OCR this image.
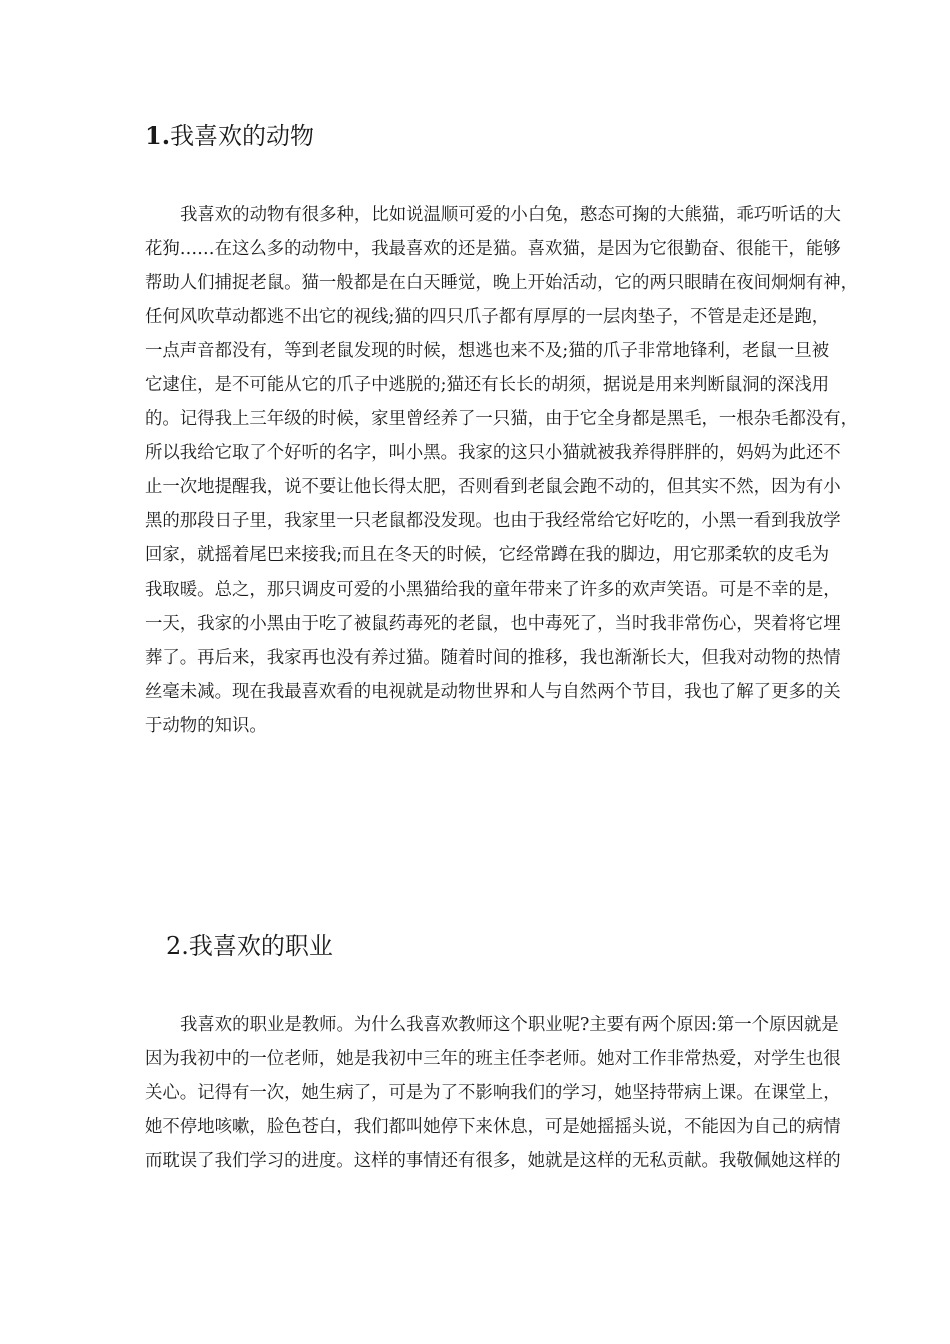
1.我喜欢的动物
我喜欢的动物有很多种，比如说温顺可爱的小白兔，憨态可掬的大熊猫，乖巧听话的大
花狗……在这么多的动物中，我最喜欢的还是猫。喜欢猫，是因为它很勤奋、很能干，能够
帮助人们捕捉老鼠。猫一般都是在白天睡觉，晚上开始活动，它的两只眼睛在夜间炯炯有神，
任何风吹草动都逃不出它的视线;猫的四只爪子都有厚厚的一层肉垫子，不管是走还是跑，
一点声音都没有，等到老鼠发现的时候，想逃也来不及;猫的爪子非常地锋利，老鼠一旦被
它逮住，是不可能从它的爪子中逃脱的;猫还有长长的胡须，据说是用来判断鼠洞的深浅用
的。记得我上三年级的时候，家里曾经养了一只猫，由于它全身都是黑毛，一根杂毛都没有，
所以我给它取了个好听的名字，叫小黑。我家的这只小猫就被我养得胖胖的，妈妈为此还不
止一次地提醒我，说不要让他长得太肥，否则看到老鼠会跑不动的，但其实不然，因为有小
黑的那段日子里，我家里一只老鼠都没发现。也由于我经常给它好吃的，小黑一看到我放学
回家，就摇着尾巴来接我;而且在冬天的时候，它经常蹲在我的脚边，用它那柔软的皮毛为
我取暖。总之，那只调皮可爱的小黑猫给我的童年带来了许多的欢声笑语。可是不幸的是，
一天，我家的小黑由于吃了被鼠药毒死的老鼠，也中毒死了，当时我非常伤心，哭着将它埋
葬了。再后来，我家再也没有养过猫。随着时间的推移，我也渐渐长大，但我对动物的热情
丝毫未减。现在我最喜欢看的电视就是动物世界和人与自然两个节目，我也了解了更多的关
于动物的知识。
2.我喜欢的职业
我喜欢的职业是教师。为什么我喜欢教师这个职业呢?主要有两个原因:第一个原因就是
因为我初中的一位老师，她是我初中三年的班主任李老师。她对工作非常热爱，对学生也很
关心。记得有一次，她生病了，可是为了不影响我们的学习，她坚持带病上课。在课堂上，
她不停地咳嗽，脸色苍白，我们都叫她停下来休息，可是她摇摇头说，不能因为自己的病情
而耽误了我们学习的进度。这样的事情还有很多，她就是这样的无私贡献。我敬佩她这样的
